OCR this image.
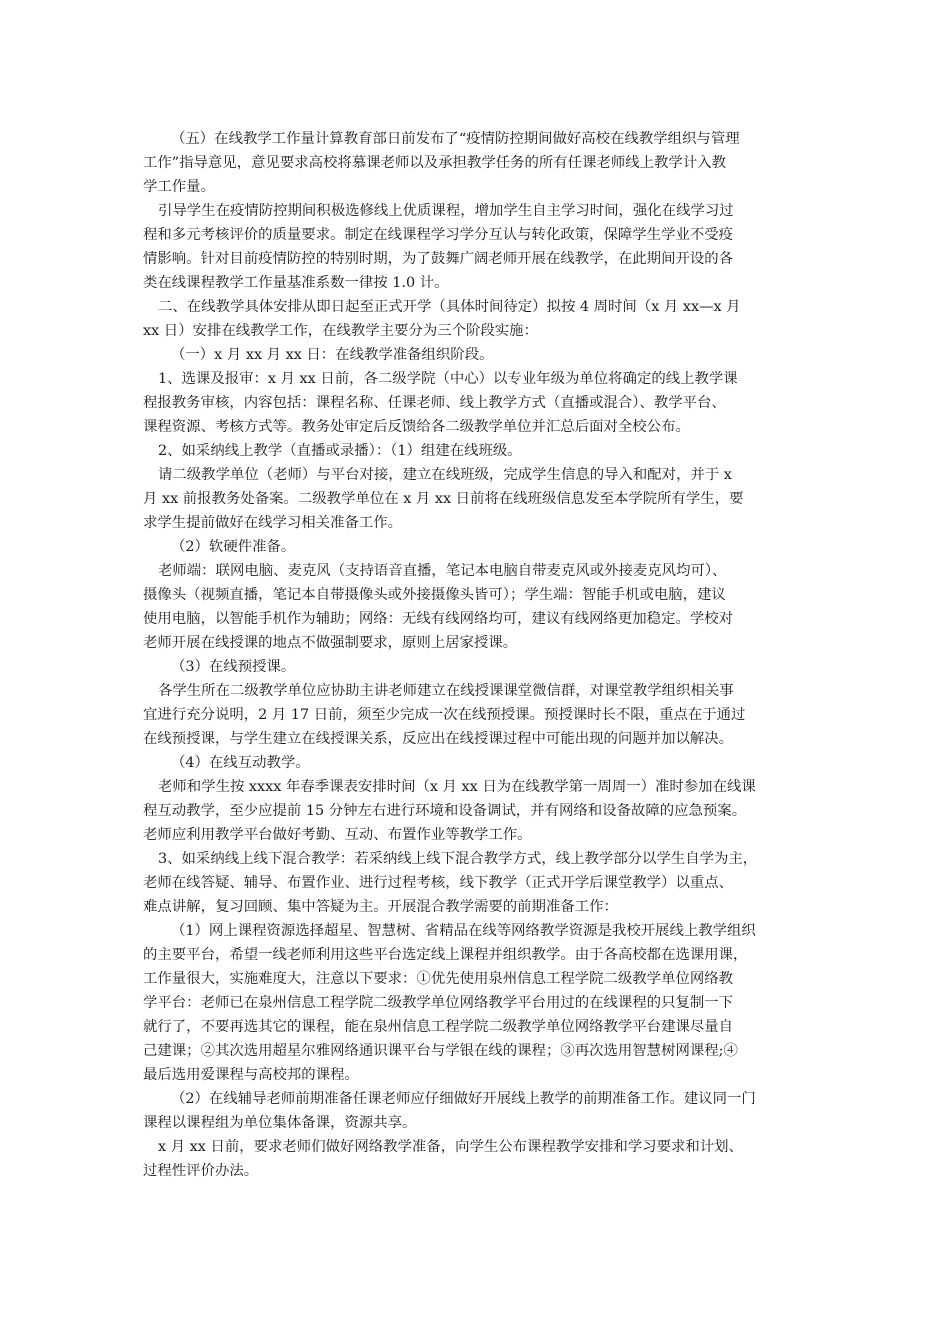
（五）在线教学工作量计算教育部日前发布了“疫情防控期间做好高校在线教学组织与管理
工作”指导意见，意见要求高校将慕课老师以及承担教学任务的所有任课老师线上教学计入教
学工作量。
引导学生在疫情防控期间积极选修线上优质课程，增加学生自主学习时间，强化在线学习过
程和多元考核评价的质量要求。制定在线课程学习学分互认与转化政策，保障学生学业不受疫
情影响。针对目前疫情防控的特别时期，为了鼓舞广阔老师开展在线教学，在此期间开设的各
类在线课程教学工作量基准系数一律按 1.0 计。
二、在线教学具体安排从即日起至正式开学（具体时间待定）拟按 4 周时间（x 月 xx—x 月
xx 日）安排在线教学工作，在线教学主要分为三个阶段实施：
（一）x 月 xx 月 xx 日：在线教学准备组织阶段。
1、选课及报审：x 月 xx 日前，各二级学院（中心）以专业年级为单位将确定的线上教学课
程报教务审核，内容包括：课程名称、任课老师、线上教学方式（直播或混合）、教学平台、
课程资源、考核方式等。教务处审定后反馈给各二级教学单位并汇总后面对全校公布。
2、如采纳线上教学（直播或录播）：（1）组建在线班级。
请二级教学单位（老师）与平台对接，建立在线班级，完成学生信息的导入和配对，并于 x
月 xx 前报教务处备案。二级教学单位在 x 月 xx 日前将在线班级信息发至本学院所有学生，要
求学生提前做好在线学习相关准备工作。
（2）软硬件准备。
老师端：联网电脑、麦克风（支持语音直播，笔记本电脑自带麦克风或外接麦克风均可）、
摄像头（视频直播，笔记本自带摄像头或外接摄像头皆可）；学生端：智能手机或电脑，建议
使用电脑，以智能手机作为辅助；网络：无线有线网络均可，建议有线网络更加稳定。学校对
老师开展在线授课的地点不做强制要求，原则上居家授课。
（3）在线预授课。
各学生所在二级教学单位应协助主讲老师建立在线授课课堂微信群，对课堂教学组织相关事
宜进行充分说明，2 月 17 日前，须至少完成一次在线预授课。预授课时长不限，重点在于通过
在线预授课，与学生建立在线授课关系，反应出在线授课过程中可能出现的问题并加以解决。
（4）在线互动教学。
老师和学生按 xxxx 年春季课表安排时间（x 月 xx 日为在线教学第一周周一）准时参加在线课
程互动教学，至少应提前 15 分钟左右进行环境和设备调试，并有网络和设备故障的应急预案。
老师应利用教学平台做好考勤、互动、布置作业等教学工作。
3、如采纳线上线下混合教学：若采纳线上线下混合教学方式，线上教学部分以学生自学为主，
老师在线答疑、辅导、布置作业、进行过程考核，线下教学（正式开学后课堂教学）以重点、
难点讲解，复习回顾、集中答疑为主。开展混合教学需要的前期准备工作：
（1）网上课程资源选择超星、智慧树、省精品在线等网络教学资源是我校开展线上教学组织
的主要平台，希望一线老师利用这些平台选定线上课程并组织教学。由于各高校都在选课用课，
工作量很大，实施难度大，注意以下要求：①优先使用泉州信息工程学院二级教学单位网络教
学平台：老师已在泉州信息工程学院二级教学单位网络教学平台用过的在线课程的只复制一下
就行了，不要再选其它的课程，能在泉州信息工程学院二级教学单位网络教学平台建课尽量自
己建课；②其次选用超星尔雅网络通识课平台与学银在线的课程；③再次选用智慧树网课程;④
最后选用爱课程与高校邦的课程。
（2）在线辅导老师前期准备任课老师应仔细做好开展线上教学的前期准备工作。建议同一门
课程以课程组为单位集体备课，资源共享。
x 月 xx 日前，要求老师们做好网络教学准备，向学生公布课程教学安排和学习要求和计划、
过程性评价办法。
